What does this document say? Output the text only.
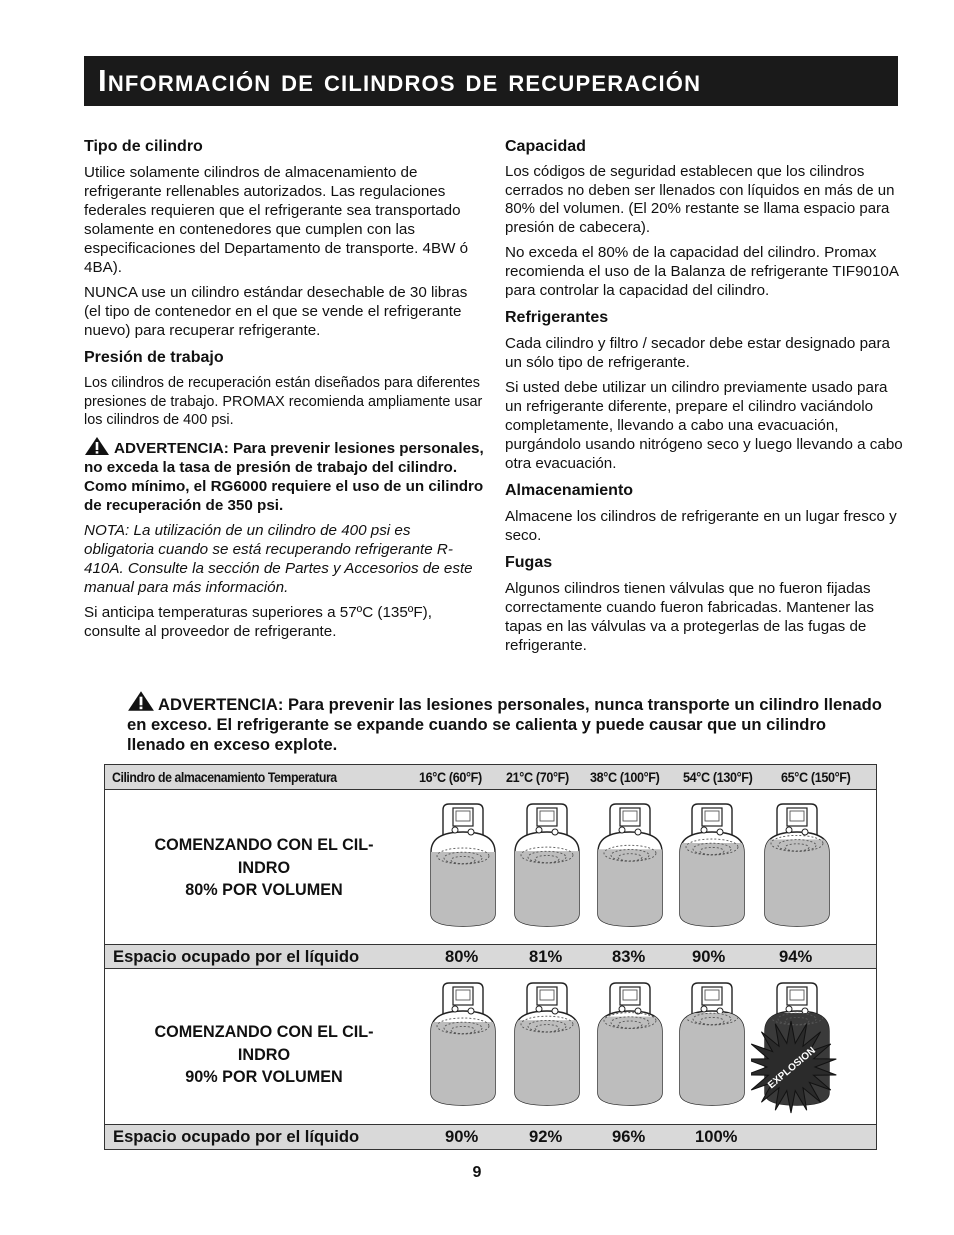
Información de cilindros de recuperación
Tipo de cilindro

Utilice solamente cilindros de almacenamiento de refrigerante rellenables autorizados. Las regulaciones federales requieren que el refrigerante sea transportado solamente en contenedores que cumplen con las especificaciones del Departamento de transporte. 4BW ó 4BA).

NUNCA use un cilindro estándar desechable de 30 libras (el tipo de contenedor en el que se vende el refrigerante nuevo) para recuperar refrigerante.

Presión de trabajo

Los cilindros de recuperación están diseñados para diferentes presiones de trabajo. PROMAX recomienda ampliamente usar los cilindros de 400 psi.

ADVERTENCIA: Para prevenir lesiones personales, no exceda la tasa de presión de trabajo del cilindro. Como mínimo, el RG6000 requiere el uso de un cilindro de recuperación de 350 psi.

NOTA: La utilización de un cilindro de 400 psi es obligatoria cuando se está recuperando refrigerante R-410A. Consulte la sección de Partes y Accesorios de este manual para más información.

Si anticipa temperaturas superiores a 57ºC (135ºF), consulte al proveedor de refrigerante.

Capacidad

Los códigos de seguridad establecen que los cilindros cerrados no deben ser llenados con líquidos en más de un 80% del volumen. (El 20% restante se llama espacio para presión de cabecera).

No exceda el 80% de la capacidad del cilindro. Promax recomienda el uso de la Balanza de refrigerante TIF9010A para controlar la capacidad del cilindro.

Refrigerantes

Cada cilindro y filtro / secador debe estar designado para un sólo tipo de refrigerante.

Si usted debe utilizar un cilindro previamente usado para un refrigerante diferente, prepare el cilindro vaciándolo completamente, llevando a cabo una evacuación, purgándolo usando nitrógeno seco y luego llevando a cabo otra evacuación.

Almacenamiento

Almacene los cilindros de refrigerante en un lugar fresco y seco.

Fugas

Algunos cilindros tienen válvulas que no fueron fijadas correctamente cuando fueron fabricadas. Mantener las tapas en las válvulas va a protegerlas de las fugas de refrigerante.

ADVERTENCIA: Para prevenir las lesiones personales, nunca transporte un cilindro llenado en exceso. El refrigerante se expande cuando se calienta y puede causar que un cilindro llenado en exceso explote.
Cilindro de almacenamiento Temperatura	16°C (60°F) 21°C (70°F) 38°C (100°F) 54°C (130°F) 65°C (150°F)
COMENZANDO CON EL CIL-
INDRO
80% POR VOLUMEN
Espacio ocupado por el líquido	80%	81%	83%	90%	94%
COMENZANDO CON EL CIL-
INDRO
90% POR VOLUMEN	EXPLOSION
Espacio ocupado por el líquido	90%	92%	96%	100%
9
